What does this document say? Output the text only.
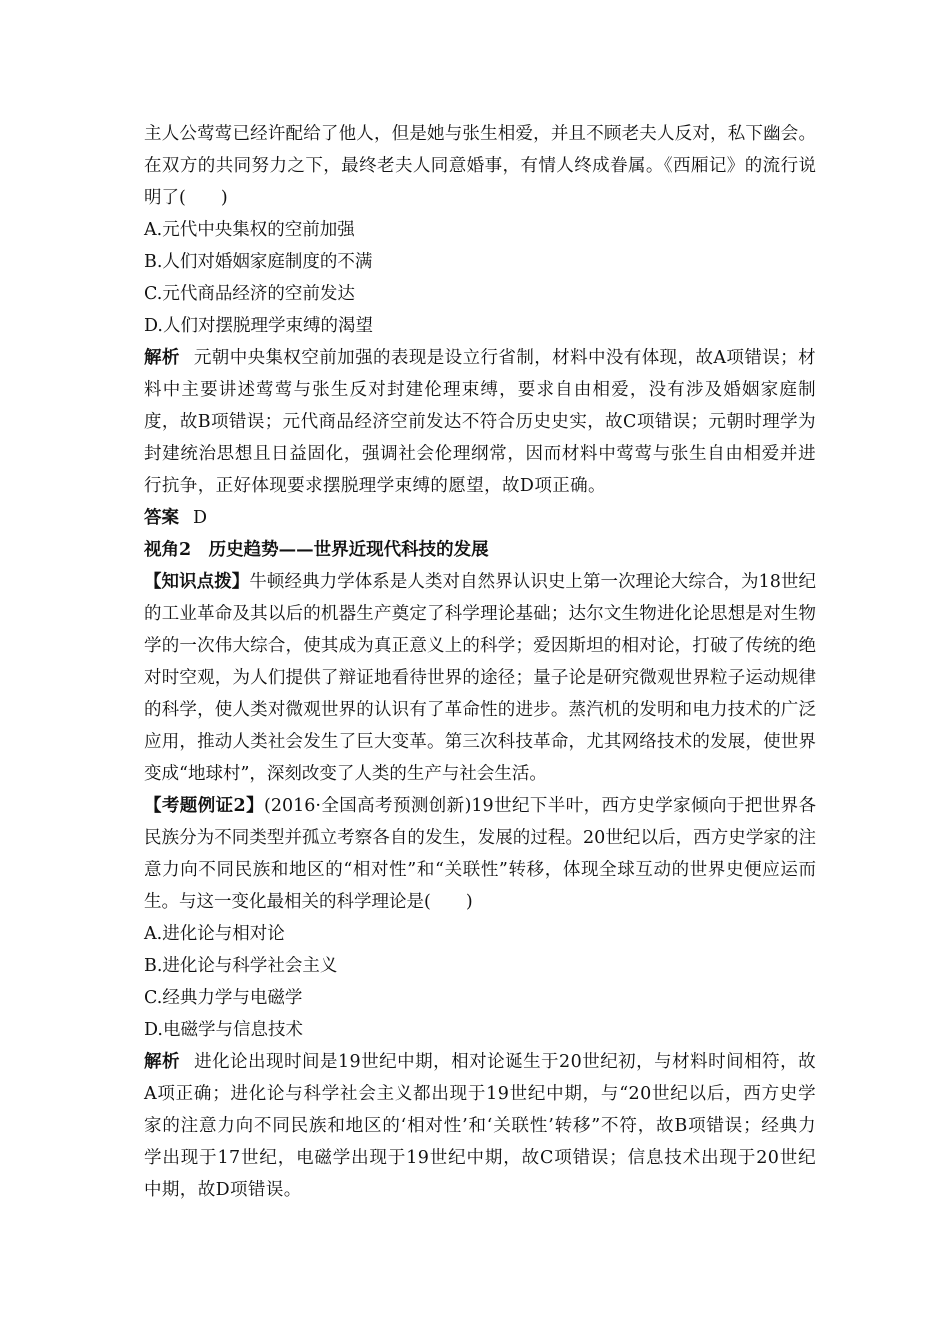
主人公莺莺已经许配给了他人，但是她与张生相爱，并且不顾老夫人反对，私下幽会。在双方的共同努力之下，最终老夫人同意婚事，有情人终成眷属。《西厢记》的流行说明了(　　)

A.元代中央集权的空前加强

B.人们对婚姻家庭制度的不满

C.元代商品经济的空前发达

D.人们对摆脱理学束缚的渴望

解析 元朝中央集权空前加强的表现是设立行省制，材料中没有体现，故A项错误；材料中主要讲述莺莺与张生反对封建伦理束缚，要求自由相爱，没有涉及婚姻家庭制度，故B项错误；元代商品经济空前发达不符合历史史实，故C项错误；元朝时理学为封建统治思想且日益固化，强调社会伦理纲常，因而材料中莺莺与张生自由相爱并进行抗争，正好体现要求摆脱理学束缚的愿望，故D项正确。

答案 D

视角2　历史趋势——世界近现代科技的发展

【知识点拨】牛顿经典力学体系是人类对自然界认识史上第一次理论大综合，为18世纪的工业革命及其以后的机器生产奠定了科学理论基础；达尔文生物进化论思想是对生物学的一次伟大综合，使其成为真正意义上的科学；爱因斯坦的相对论，打破了传统的绝对时空观，为人们提供了辩证地看待世界的途径；量子论是研究微观世界粒子运动规律的科学，使人类对微观世界的认识有了革命性的进步。蒸汽机的发明和电力技术的广泛应用，推动人类社会发生了巨大变革。第三次科技革命，尤其网络技术的发展，使世界变成“地球村”，深刻改变了人类的生产与社会生活。

【考题例证2】(2016·全国高考预测创新)19世纪下半叶，西方史学家倾向于把世界各民族分为不同类型并孤立考察各自的发生，发展的过程。20世纪以后，西方史学家的注意力向不同民族和地区的“相对性”和“关联性”转移，体现全球互动的世界史便应运而生。与这一变化最相关的科学理论是(　　)

A.进化论与相对论

B.进化论与科学社会主义

C.经典力学与电磁学

D.电磁学与信息技术

解析 进化论出现时间是19世纪中期，相对论诞生于20世纪初，与材料时间相符，故A项正确；进化论与科学社会主义都出现于19世纪中期，与“20世纪以后，西方史学家的注意力向不同民族和地区的‘相对性’和‘关联性’转移”不符，故B项错误；经典力学出现于17世纪，电磁学出现于19世纪中期，故C项错误；信息技术出现于20世纪中期，故D项错误。
